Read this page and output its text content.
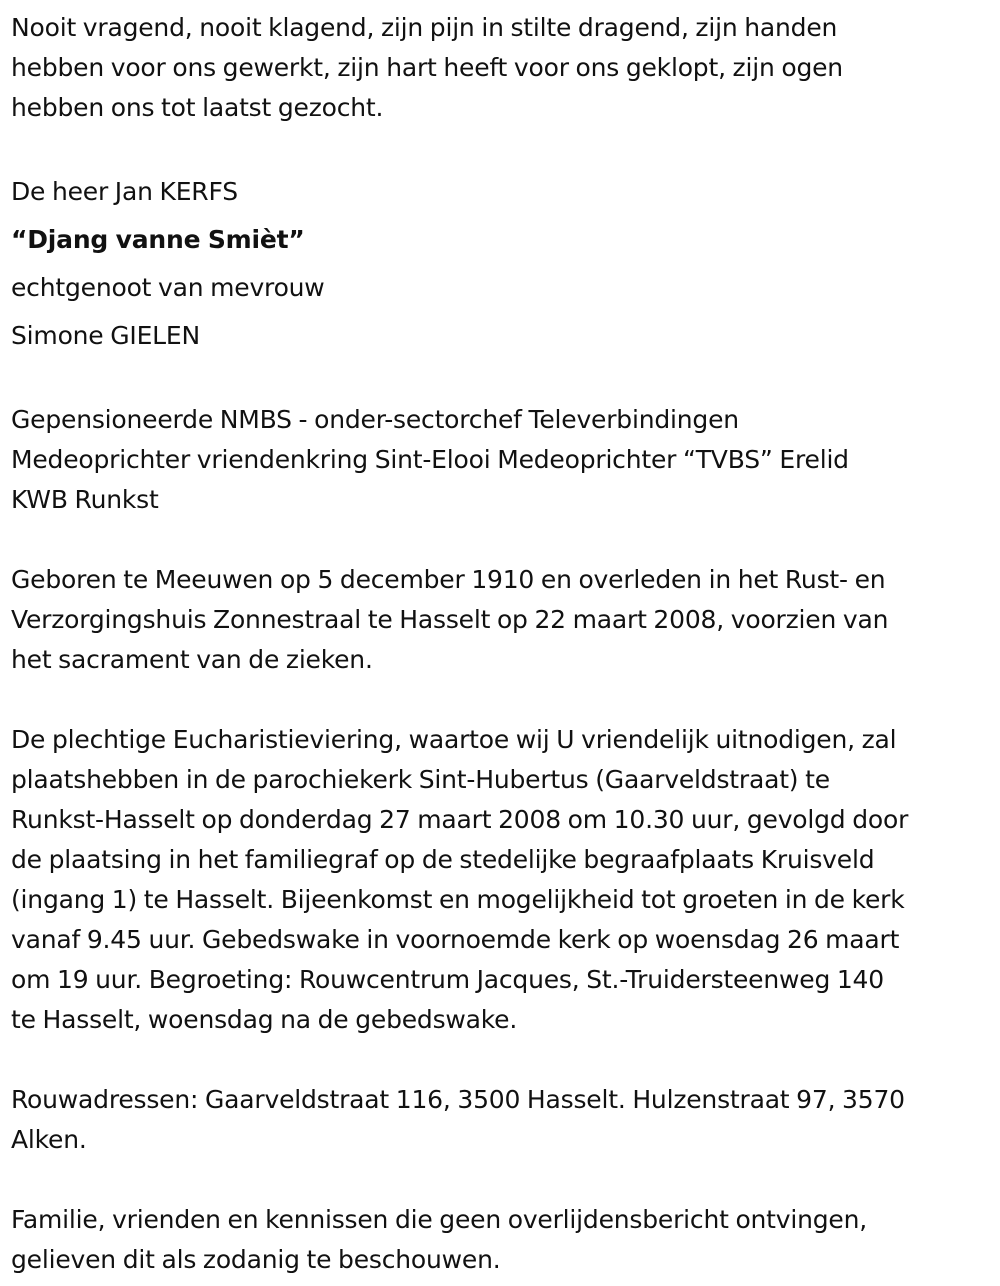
Nooit vragend, nooit klagend, zijn pijn in stilte dragend, zijn handen

hebben voor ons gewerkt, zijn hart heeft voor ons geklopt, zijn ogen

hebben ons tot laatst gezocht.

De heer Jan KERFS

“Djang vanne Smièt”

echtgenoot van mevrouw

Simone GIELEN

Gepensioneerde NMBS - onder-sectorchef Televerbindingen

Medeoprichter vriendenkring Sint-Elooi Medeoprichter “TVBS” Erelid

KWB Runkst

Geboren te Meeuwen op 5 december 1910 en overleden in het Rust- en

Verzorgingshuis Zonnestraal te Hasselt op 22 maart 2008, voorzien van

het sacrament van de zieken.

De plechtige Eucharistieviering, waartoe wij U vriendelijk uitnodigen, zal

plaatshebben in de parochiekerk Sint-Hubertus (Gaarveldstraat) te

Runkst-Hasselt op donderdag 27 maart 2008 om 10.30 uur, gevolgd door

de plaatsing in het familiegraf op de stedelijke begraafplaats Kruisveld

(ingang 1) te Hasselt. Bijeenkomst en mogelijkheid tot groeten in de kerk

vanaf 9.45 uur. Gebedswake in voornoemde kerk op woensdag 26 maart

om 19 uur. Begroeting: Rouwcentrum Jacques, St.-Truidersteenweg 140

te Hasselt, woensdag na de gebedswake.

Rouwadressen: Gaarveldstraat 116, 3500 Hasselt. Hulzenstraat 97, 3570

Alken.

Familie, vrienden en kennissen die geen overlijdensbericht ontvingen,

gelieven dit als zodanig te beschouwen.
